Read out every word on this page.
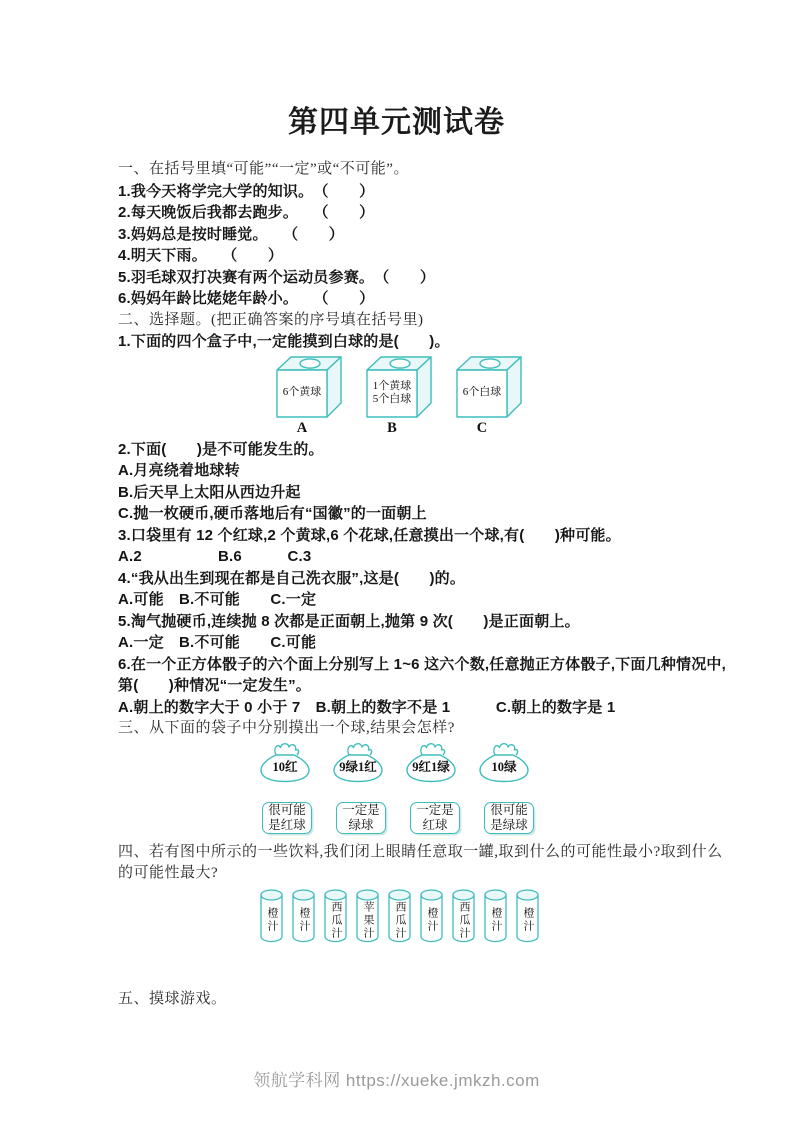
第四单元测试卷
一、在括号里填“可能”“一定”或“不可能”。
1.我今天将学完大学的知识。　（　　）
2.每天晚饭后我都去跑步。　　（　　）
3.妈妈总是按时睡觉。　　（　　）
4.明天下雨。　　（　　）
5.羽毛球双打决赛有两个运动员参赛。　（　　）
6.妈妈年龄比姥姥年龄小。　　（　　）
二、选择题。(把正确答案的序号填在括号里)
1.下面的四个盒子中,一定能摸到白球的是(　　)。
6个黄球
A
1个黄球
5个白球
B
6个白球
C
2.下面(　　)是不可能发生的。
A.月亮绕着地球转
B.后天早上太阳从西边升起
C.抛一枚硬币,硬币落地后有“国徽”的一面朝上
3.口袋里有 12 个红球,2 个黄球,6 个花球,任意摸出一个球,有(　　)种可能。
A.2　　　　　B.6　　　C.3
4.“我从出生到现在都是自己洗衣服”,这是(　　)的。
A.可能　B.不可能　　C.一定
5.淘气抛硬币,连续抛 8 次都是正面朝上,抛第 9 次(　　)是正面朝上。
A.一定　B.不可能　　C.可能
6.在一个正方体骰子的六个面上分别写上 1~6 这六个数,任意抛正方体骰子,下面几种情况中,
第(　　)种情况“一定发生”。
A.朝上的数字大于 0 小于 7　B.朝上的数字不是 1　　　C.朝上的数字是 1
三、从下面的袋子中分别摸出一个球,结果会怎样?
10红	9绿1红	9红1绿	10绿
很可能
是红球
一定是
绿球
一定是
红球
很可能
是绿球
四、若有图中所示的一些饮料,我们闭上眼睛任意取一罐,取到什么的可能性最小?取到什么
的可能性最大?
橙汁	橙汁	西瓜汁	苹果汁	西瓜汁	橙汁	西瓜汁	橙汁	橙汁
五、摸球游戏。
领航学科网 https://xueke.jmkzh.com
